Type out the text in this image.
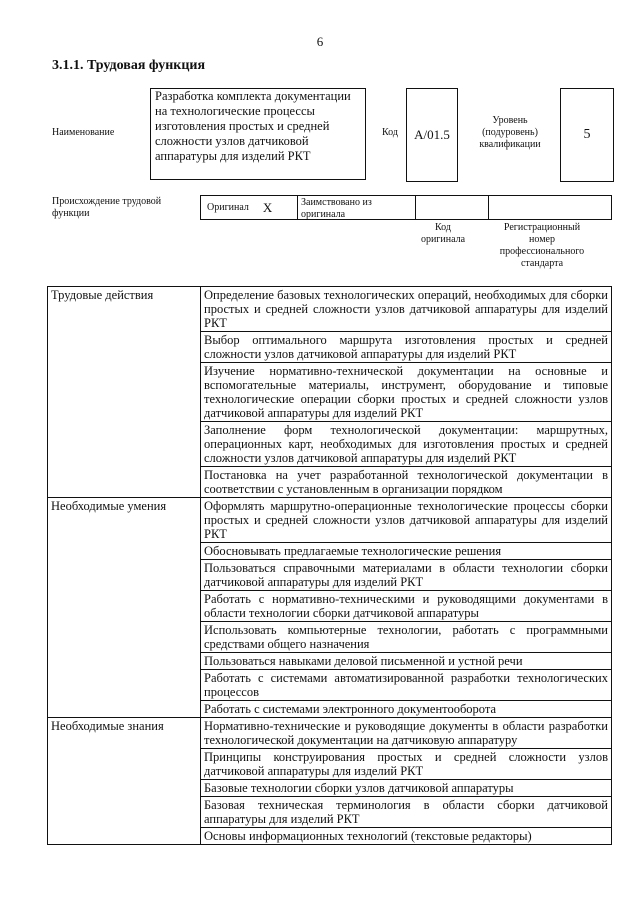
6
3.1.1. Трудовая функция
Наименование
Разработка комплекта документации на технологические процессы изготовления простых и средней сложности узлов датчиковой аппаратуры для изделий РКТ
Код	A/01.5
Уровень (подуровень) квалификации
5
Происхождение трудовой функции
Оригинал X	Заимствовано из оригинала
Код оригинала
Регистрационный номер профессионального стандарта
Трудовые действия	Определение базовых технологических операций, необходимых для сборки простых и средней сложности узлов датчиковой аппаратуры для изделий РКТ
	Выбор оптимального маршрута изготовления простых и средней сложности узлов датчиковой аппаратуры для изделий РКТ
	Изучение нормативно-технической документации на основные и вспомогательные материалы, инструмент, оборудование и типовые технологические операции сборки простых и средней сложности узлов датчиковой аппаратуры для изделий РКТ
	Заполнение форм технологической документации: маршрутных, операционных карт, необходимых для изготовления простых и средней сложности узлов датчиковой аппаратуры для изделий РКТ
	Постановка на учет разработанной технологической документации в соответствии с установленным в организации порядком
Необходимые умения	Оформлять маршрутно-операционные технологические процессы сборки простых и средней сложности узлов датчиковой аппаратуры для изделий РКТ
	Обосновывать предлагаемые технологические решения
	Пользоваться справочными материалами в области технологии сборки датчиковой аппаратуры для изделий РКТ
	Работать с нормативно-техническими и руководящими документами в области технологии сборки датчиковой аппаратуры
	Использовать компьютерные технологии, работать с программными средствами общего назначения
	Пользоваться навыками деловой письменной и устной речи
	Работать с системами автоматизированной разработки технологических процессов
	Работать с системами электронного документооборота
Необходимые знания	Нормативно-технические и руководящие документы в области разработки технологической документации на датчиковую аппаратуру
	Принципы конструирования простых и средней сложности узлов датчиковой аппаратуры для изделий РКТ
	Базовые технологии сборки узлов датчиковой аппаратуры
	Базовая техническая терминология в области сборки датчиковой аппаратуры для изделий РКТ
	Основы информационных технологий (текстовые редакторы)
